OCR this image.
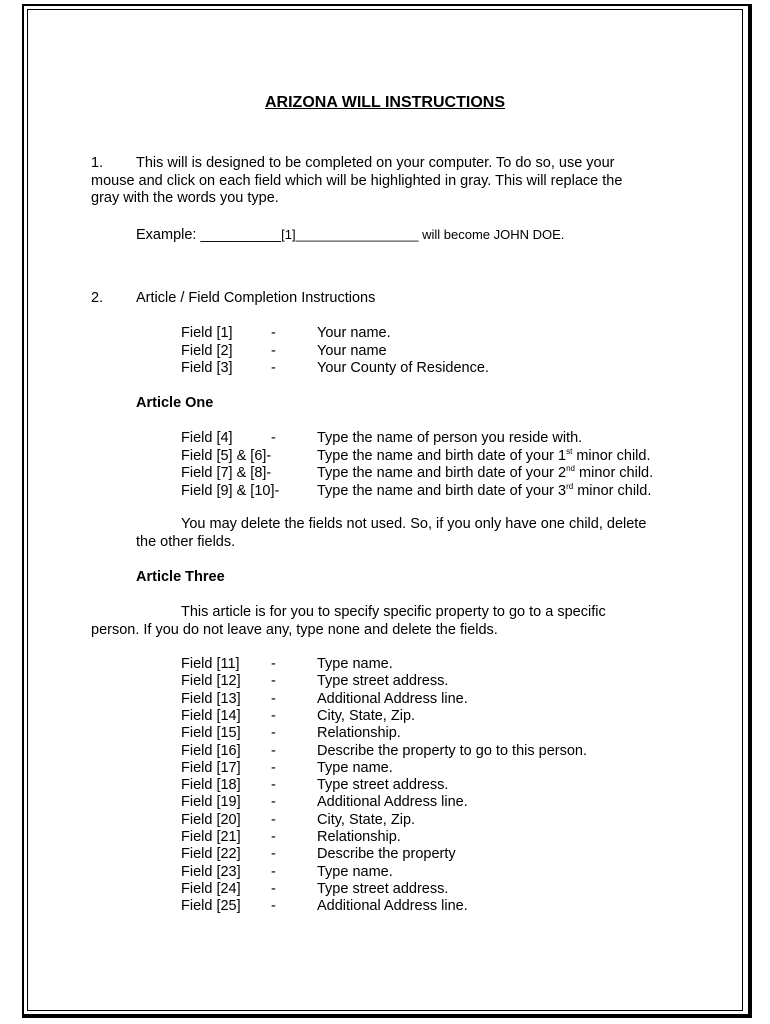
ARIZONA WILL INSTRUCTIONS
1. This will is designed to be completed on your computer. To do so, use your
mouse and click on each field which will be highlighted in gray. This will replace the
gray with the words you type.
Example: __________[1]_________________ will become JOHN DOE.
2. Article / Field Completion Instructions
Field [1]	-	Your name.
Field [2]	-	Your name
Field [3]	-	Your County of Residence.
Article One
Field [4]	-	Type the name of person you reside with.
Field [5] & [6]-	Type the name and birth date of your 1st minor child.
Field [7] & [8]-	Type the name and birth date of your 2nd minor child.
Field [9] & [10]-	Type the name and birth date of your 3rd minor child.
You may delete the fields not used. So, if you only have one child, delete
the other fields.
Article Three
This article is for you to specify specific property to go to a specific
person. If you do not leave any, type none and delete the fields.
Field [11] -	Type name.
Field [12] -	Type street address.
Field [13] -	Additional Address line.
Field [14] -	City, State, Zip.
Field [15] -	Relationship.
Field [16] -	Describe the property to go to this person.
Field [17] -	Type name.
Field [18] -	Type street address.
Field [19] -	Additional Address line.
Field [20] -	City, State, Zip.
Field [21] -	Relationship.
Field [22] -	Describe the property
Field [23] -	Type name.
Field [24] -	Type street address.
Field [25] -	Additional Address line.
